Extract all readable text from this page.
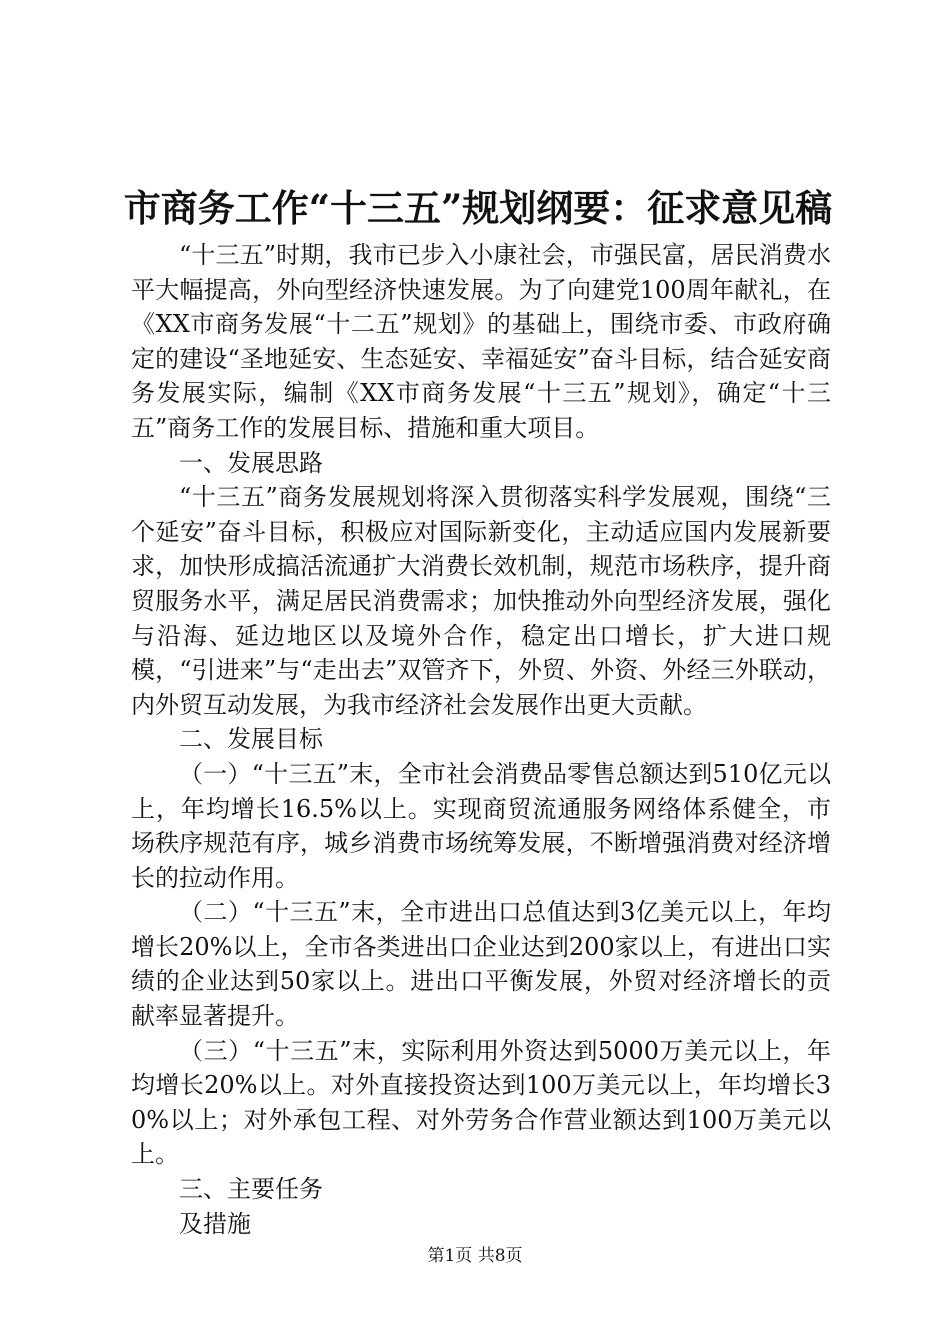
市商务工作“十三五”规划纲要：征求意见稿

“十三五”时期，我市已步入小康社会，市强民富，居民消费水平大幅提高，外向型经济快速发展。为了向建党100周年献礼，在《XX市商务发展“十二五”规划》的基础上，围绕市委、市政府确定的建设“圣地延安、生态延安、幸福延安”奋斗目标，结合延安商务发展实际，编制《XX市商务发展“十三五”规划》，确定“十三五”商务工作的发展目标、措施和重大项目。

一、发展思路

“十三五”商务发展规划将深入贯彻落实科学发展观，围绕“三个延安”奋斗目标，积极应对国际新变化，主动适应国内发展新要求，加快形成搞活流通扩大消费长效机制，规范市场秩序，提升商贸服务水平，满足居民消费需求；加快推动外向型经济发展，强化与沿海、延边地区以及境外合作，稳定出口增长，扩大进口规模，“引进来”与“走出去”双管齐下，外贸、外资、外经三外联动，内外贸互动发展，为我市经济社会发展作出更大贡献。

二、发展目标

（一）“十三五”末，全市社会消费品零售总额达到510亿元以上，年均增长16.5%以上。实现商贸流通服务网络体系健全，市场秩序规范有序，城乡消费市场统筹发展，不断增强消费对经济增长的拉动作用。

（二）“十三五”末，全市进出口总值达到3亿美元以上，年均增长20%以上，全市各类进出口企业达到200家以上，有进出口实绩的企业达到50家以上。进出口平衡发展，外贸对经济增长的贡献率显著提升。

（三）“十三五”末，实际利用外资达到5000万美元以上，年均增长20%以上。对外直接投资达到100万美元以上，年均增长30%以上；对外承包工程、对外劳务合作营业额达到100万美元以上。

三、主要任务

及措施

第1页 共8页
